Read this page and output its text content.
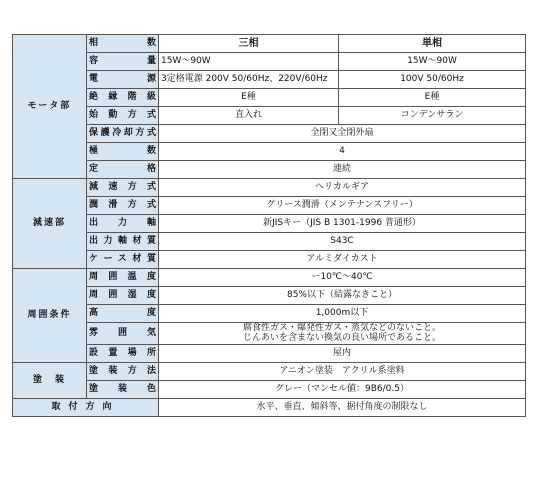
モータ部	相　数	三相	単相
	容　量	15W〜90W	15W〜90W
	電　源	3定格電源 200V 50/60Hz、220V/60Hz	100V 50/60Hz
	絶縁階級	E種	E種
	始動方式	直入れ	コンデンサラン
	保護冷却方式	全閉又全閉外扇	
	極　数	4	
	定　格	連続	
減速部	減速方式	ヘリカルギア	
	潤滑方式	グリース潤滑（メンテナンスフリー）	
	出力軸	新JISキー（JIS B 1301-1996 普通形）	
	出力軸材質	S43C	
	ケース材質	アルミダイカスト	
周囲条件	周囲温度	ー10℃〜40℃	
	周囲湿度	85%以下（結露なきこと）	
	高　度	1,000m以下	
	雰囲気	腐食性ガス・爆発性ガス・蒸気などのないこと。
じんあいを含まない換気の良い場所であること。	

	設置場所	屋内	
塗　装	塗装方法	アニオン塗装　アクリル系塗料	
	塗装色	グレー（マンセル値：9B6/0.5）	
取付方向		水平、垂直、傾斜等、据付角度の制限なし	
